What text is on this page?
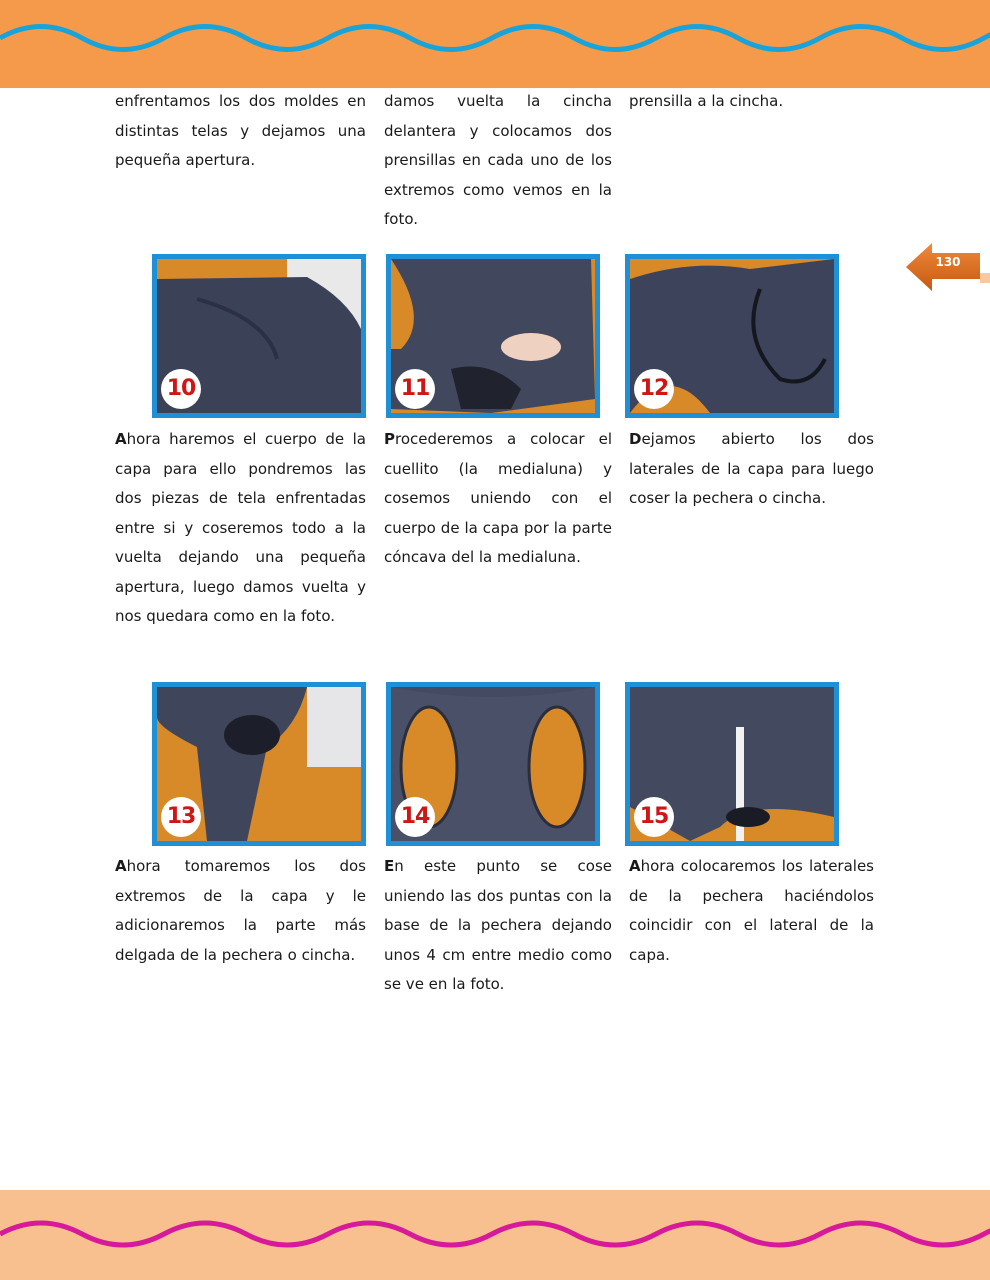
130
enfrentamos los dos moldes en distintas telas y dejamos una pequeña apertura.
damos vuelta la cincha delantera y colocamos dos prensillas en cada uno de los extremos como vemos en la foto.
prensilla a la cincha.
10	11	12
Ahora haremos el cuerpo de la capa para ello pondremos las dos piezas de tela enfrentadas entre si y coseremos todo a la vuelta dejando una pequeña apertura, luego damos vuelta y nos quedara como en la foto.
Procederemos a colocar el cuellito (la medialuna) y cosemos uniendo con el cuerpo de la capa por la parte cóncava del la medialuna.
Dejamos abierto los dos laterales de la capa para luego coser la pechera o cincha.
13	14	15
Ahora tomaremos los dos extremos de la capa y le adicionaremos la parte más delgada de la pechera o cincha.
En este punto se cose uniendo las dos puntas con la base de la pechera dejando unos 4 cm entre medio como se ve en la foto.
Ahora colocaremos los laterales de la pechera haciéndolos coincidir con el lateral de la capa.
